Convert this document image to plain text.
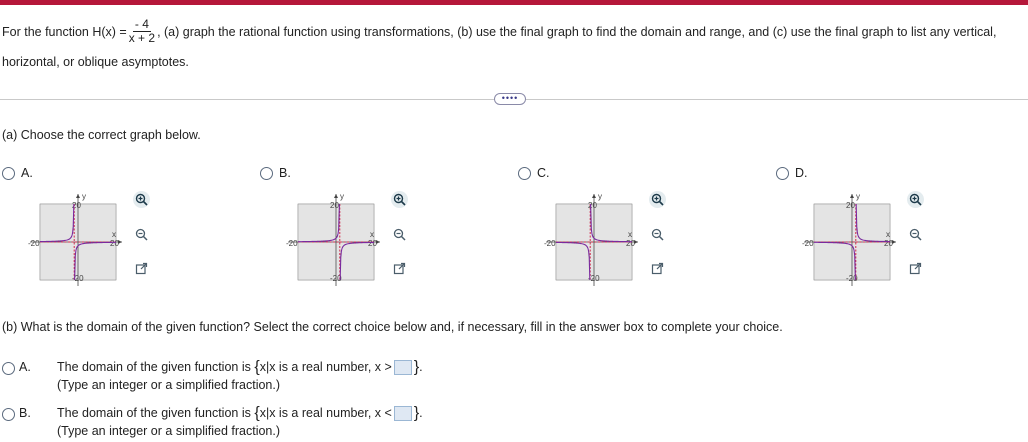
For the function $H(x) = \frac{- 4}{x + 2}$ , (a) graph the rational function using transformations, (b) use the final graph to find the domain and range, and (c) use the final graph to list any vertical,
horizontal, or oblique asymptotes.
••••
(a) Choose the correct graph below.
A.	B.	C.	D.
20
-20
-20	20
x
y
20
-20
-20	20
x
y
20
-20
-20	20
x
y
20
-20
-20	20
x
y
(b) What is the domain of the given function? Select the correct choice below and, if necessary, fill in the answer box to complete your choice.
A.	The domain of the given function is {x|x is a real number, x > }.
(Type an integer or a simplified fraction.)
B.	The domain of the given function is {x|x is a real number, x < }.
(Type an integer or a simplified fraction.)
